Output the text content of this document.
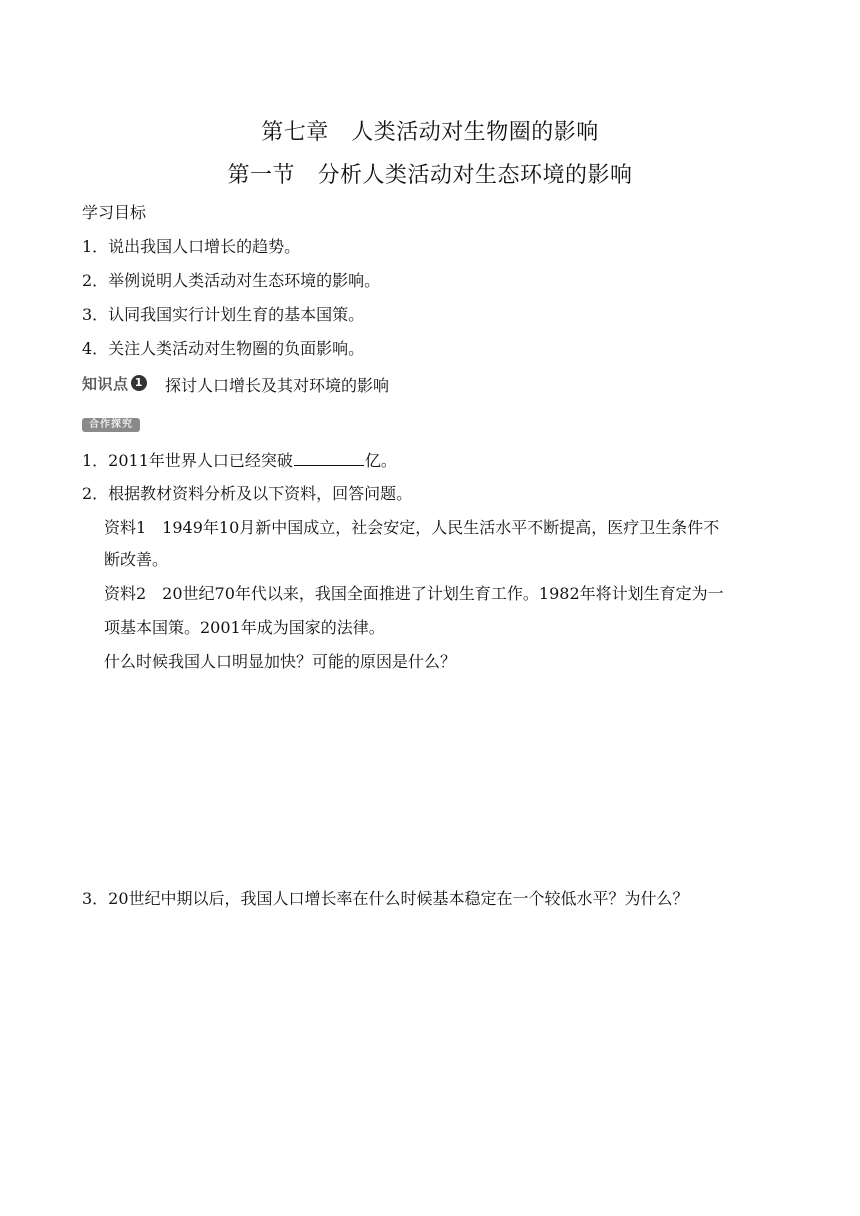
第七章　人类活动对生物圈的影响
第一节　分析人类活动对生态环境的影响
学习目标
1．说出我国人口增长的趋势。
2．举例说明人类活动对生态环境的影响。
3．认同我国实行计划生育的基本国策。
4．关注人类活动对生物圈的负面影响。
知识点 1 探讨人口增长及其对环境的影响
合作探究
1．2011年世界人口已经突破	亿。
2．根据教材资料分析及以下资料，回答问题。
资料1　1949年10月新中国成立，社会安定，人民生活水平不断提高，医疗卫生条件不
断改善。
资料2　20世纪70年代以来，我国全面推进了计划生育工作。1982年将计划生育定为一
项基本国策。2001年成为国家的法律。
什么时候我国人口明显加快？可能的原因是什么？
3．20世纪中期以后，我国人口增长率在什么时候基本稳定在一个较低水平？为什么？
